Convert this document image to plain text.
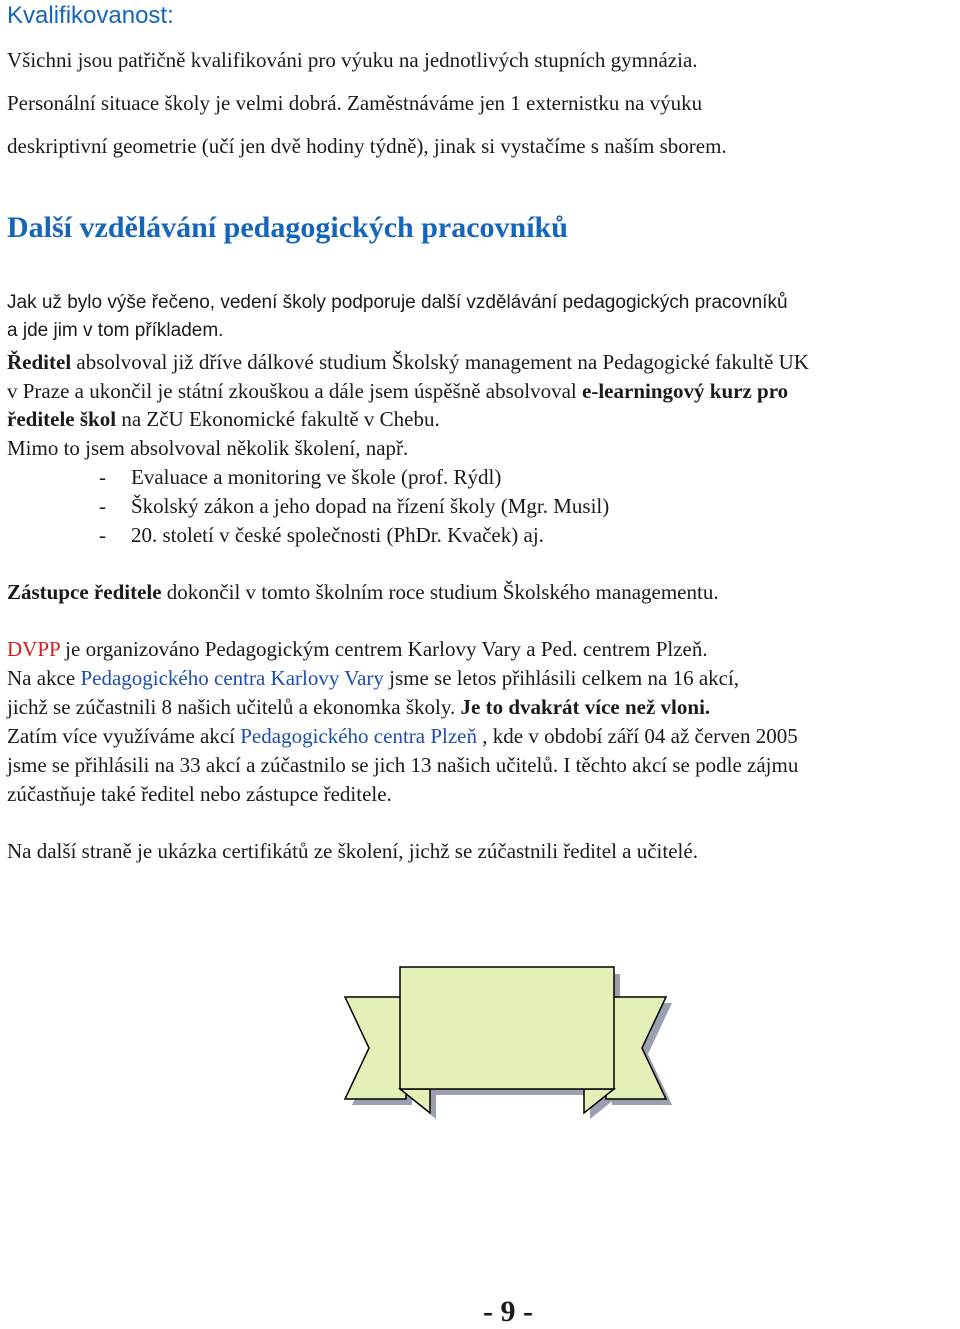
Kvalifikovanost:
Všichni jsou patřičně kvalifikováni pro výuku na jednotlivých stupních gymnázia.
Personální situace školy je velmi dobrá. Zaměstnáváme jen 1 externistku na výuku
deskriptivní geometrie (učí jen dvě hodiny týdně), jinak si vystačíme s naším sborem.
Další vzdělávání pedagogických pracovníků
Jak už bylo výše řečeno, vedení školy podporuje další vzdělávání pedagogických pracovníků
a jde jim v tom příkladem.
Ředitel absolvoval již dříve dálkové studium Školský management na Pedagogické fakultě UK
v Praze a ukončil je státní zkouškou a dále jsem úspěšně absolvoval e-learningový kurz pro
ředitele škol na ZčU Ekonomické fakultě v Chebu.
Mimo to jsem absolvoval několik školení, např.
- Evaluace a monitoring ve škole (prof. Rýdl)
- Školský zákon a jeho dopad na řízení školy (Mgr. Musil)
- 20. století v české společnosti (PhDr. Kvaček) aj.
Zástupce ředitele dokončil v tomto školním roce studium Školského managementu.
DVPP je organizováno Pedagogickým centrem Karlovy Vary a Ped. centrem Plzeň.
Na akce Pedagogického centra Karlovy Vary jsme se letos přihlásili celkem na 16 akcí,
jichž se zúčastnili 8 našich učitelů a ekonomka školy. Je to dvakrát více než vloni.
Zatím více využíváme akcí Pedagogického centra Plzeň , kde v období září 04 až červen 2005
jsme se přihlásili na 33 akcí a zúčastnilo se jich 13 našich učitelů. I těchto akcí se podle zájmu
zúčastňuje také ředitel nebo zástupce ředitele.
Na další straně je ukázka certifikátů ze školení, jichž se zúčastnili ředitel a učitelé.
- 9 -
